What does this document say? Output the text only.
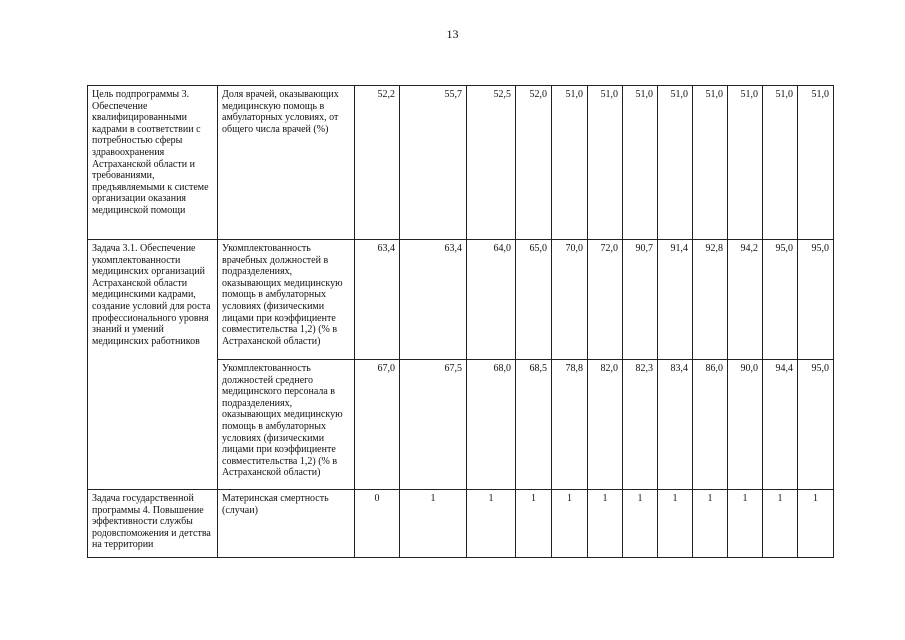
13
Цель подпрограммы 3. Обеспечение квалифицированными кадрами в соответствии с потребностью сферы здравоохранения Астраханской области и требованиями, предъявляемыми к системе организации оказания медицинской помощи	Доля врачей, оказывающих медицинскую помощь в амбулаторных условиях, от общего числа врачей (%)	52,2	55,7	52,5	52,0	51,0	51,0	51,0	51,0	51,0	51,0	51,0	51,0
Задача 3.1. Обеспечение укомплектованности медицинских организаций Астраханской области медицинскими кадрами, создание условий для роста профессионального уровня знаний и умений медицинских работников	Укомплектованность врачебных должностей в подразделениях, оказывающих медицинскую помощь в амбулаторных условиях (физическими лицами при коэффициенте совместительства 1,2) (% в Астраханской области)	63,4	63,4	64,0	65,0	70,0	72,0	90,7	91,4	92,8	94,2	95,0	95,0
	Укомплектованность должностей среднего медицинского персонала в подразделениях, оказывающих медицинскую помощь в амбулаторных условиях (физическими лицами при коэффициенте совместительства 1,2) (% в Астраханской области)	67,0	67,5	68,0	68,5	78,8	82,0	82,3	83,4	86,0	90,0	94,4	95,0
Задача государственной программы 4. Повышение эффективности службы родовспоможения и детства на территории	Материнская смертность (случаи)	0	1	1	1	1	1	1	1	1	1	1	1
